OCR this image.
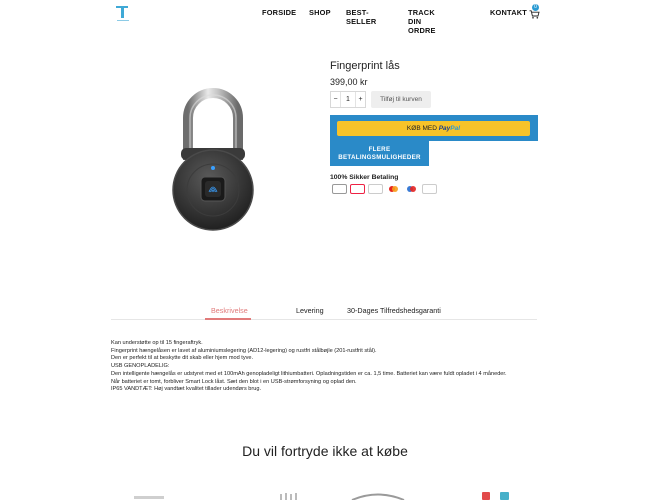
FORSIDE SHOP BEST-SELLER
TRACK DIN ORDRE
KONTAKT
0
Fingerprint lås
399,00 kr
−	1	+	Tilføj til kurven
KØB MED PayPal
FLERE
BETALINGSMULIGHEDER
100% Sikker Betaling
Beskrivelse	Levering	30-Dages Tilfredshedsgaranti

Kan understøtte op til 15 fingeraftryk.

Fingerprint hængelåsen er lavet af aluminiumslegering (AD12-legering) og rustfri stålbøjle (201-rustfrit stål).

Den er perfekt til at beskytte dit skab eller hjem mod tyve.

USB GENOPLADELIG:

Den intelligente hængelås er udstyret med et 100mAh genopladeligt lithiumbatteri. Opladningstiden er ca. 1,5 time. Batteriet kan være fuldt opladet i 4 måneder.

Når batteriet er tomt, forbliver Smart Lock låst. Sæt den blot i en USB-strømforsyning og oplad den.

IP65 VANDTÆT: Høj vandtæt kvalitet tillader udendørs brug.

Du vil fortryde ikke at købe
